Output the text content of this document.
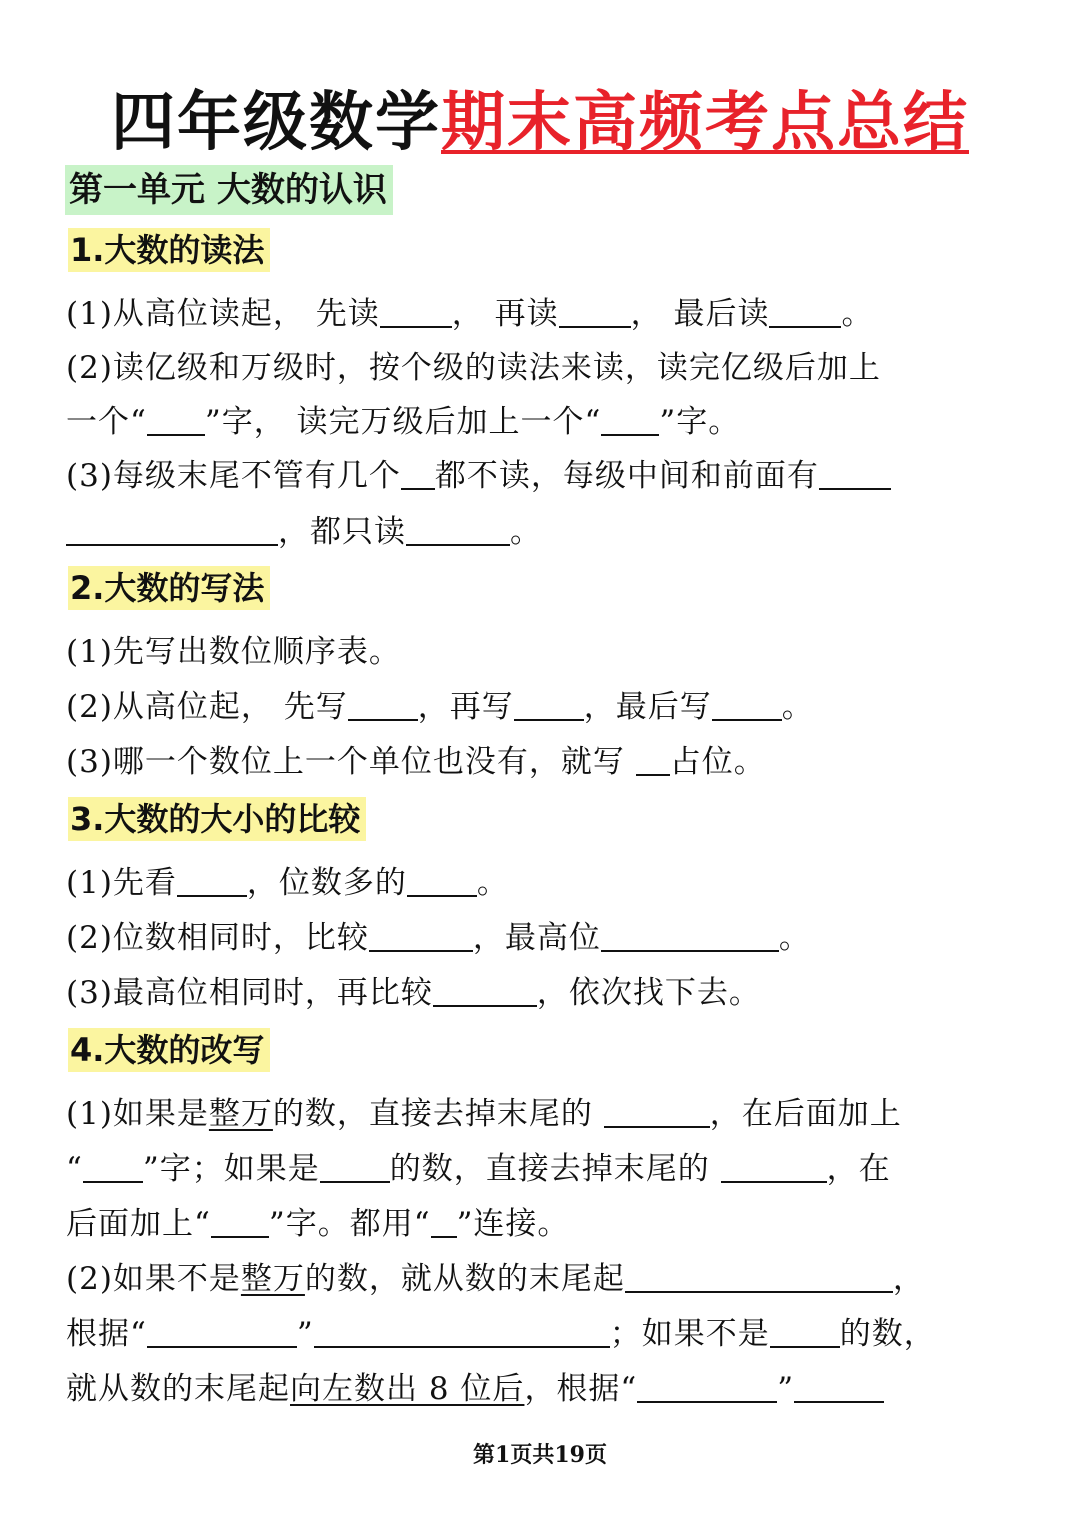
四年级数学期末高频考点总结
第一单元 大数的认识
1.大数的读法
(1)从高位读起， 先读 ， 再读 ， 最后读 。
(2)读亿级和万级时，按个级的读法来读，读完亿级后加上
一个“ ”字， 读完万级后加上一个“ ”字。
(3)每级末尾不管有几个 都不读，每级中间和前面有
，都只读	。
2.大数的写法
(1)先写出数位顺序表。
(2)从高位起， 先写 ，再写 ，最后写 。
(3)哪一个数位上一个单位也没有，就写 占位。
3.大数的大小的比较
(1)先看 ，位数多的 。
(2)位数相同时，比较	，最高位	。
(3)最高位相同时，再比较	，依次找下去。
4.大数的改写
(1)如果是整万的数，直接去掉末尾的	，在后面加上
“ ”字；如果是 的数，直接去掉末尾的	，在
后面加上“ ”字。都用“ ”连接。
(2)如果不是整万的数，就从数的末尾起	，
根据“	”	；如果不是 的数，
就从数的末尾起向左数出 8 位后，根据“	”
第1页共19页
